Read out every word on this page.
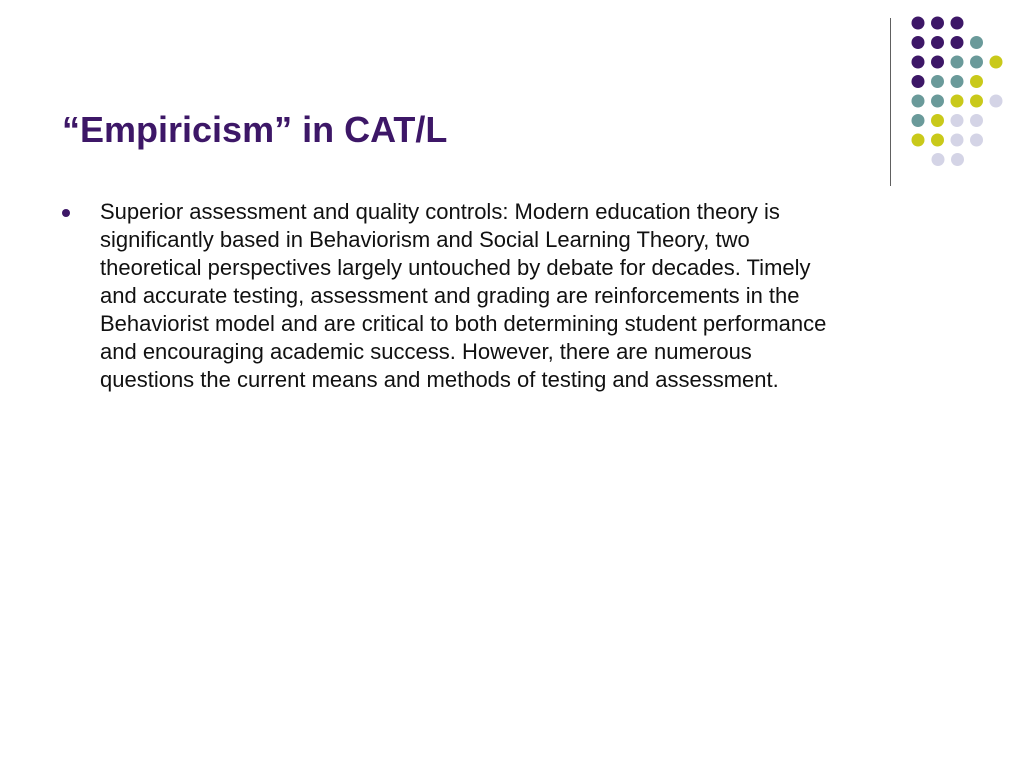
“Empiricism” in CAT/L
Superior assessment and quality controls: Modern education theory is
significantly based in Behaviorism and Social Learning Theory, two
theoretical perspectives largely untouched by debate for decades. Timely
and accurate testing, assessment and grading are reinforcements in the
Behaviorist model and are critical to both determining student performance
and encouraging academic success. However, there are numerous
questions the current means and methods of testing and assessment.
